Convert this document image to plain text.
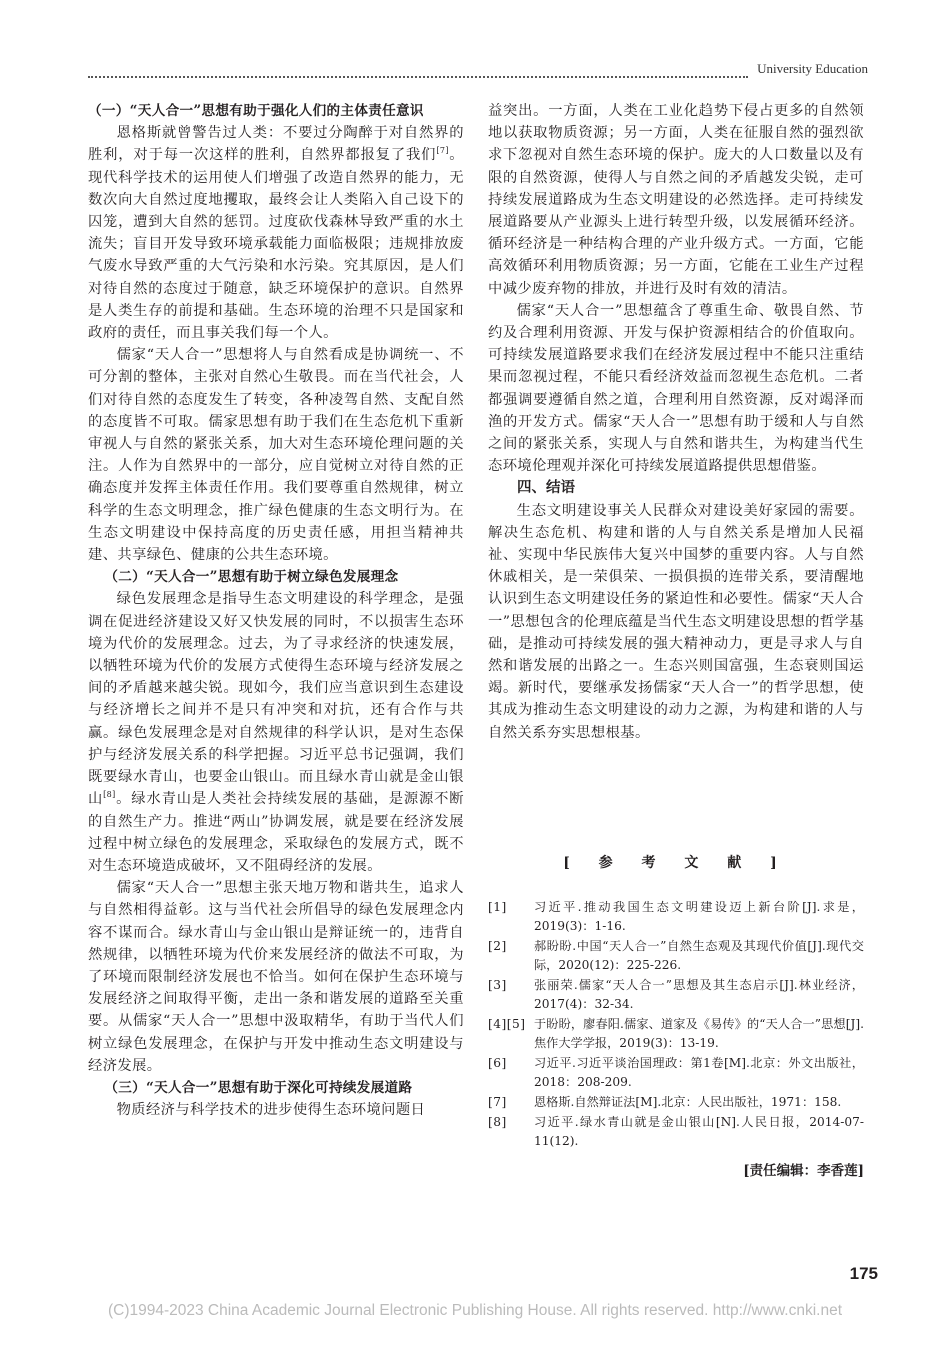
University Education
（一）“天人合一”思想有助于强化人们的主体责任意识

恩格斯就曾警告过人类：不要过分陶醉于对自然界的胜利，对于每一次这样的胜利，自然界都报复了我们[7]。现代科学技术的运用使人们增强了改造自然界的能力，无数次向大自然过度地攫取，最终会让人类陷入自己设下的囚笼，遭到大自然的惩罚。过度砍伐森林导致严重的水土流失；盲目开发导致环境承载能力面临极限；违规排放废气废水导致严重的大气污染和水污染。究其原因，是人们对待自然的态度过于随意，缺乏环境保护的意识。自然界是人类生存的前提和基础。生态环境的治理不只是国家和政府的责任，而且事关我们每一个人。

儒家“天人合一”思想将人与自然看成是协调统一、不可分割的整体，主张对自然心生敬畏。而在当代社会，人们对待自然的态度发生了转变，各种凌驾自然、支配自然的态度皆不可取。儒家思想有助于我们在生态危机下重新审视人与自然的紧张关系，加大对生态环境伦理问题的关注。人作为自然界中的一部分，应自觉树立对待自然的正确态度并发挥主体责任作用。我们要尊重自然规律，树立科学的生态文明理念，推广绿色健康的生态文明行为。在生态文明建设中保持高度的历史责任感，用担当精神共建、共享绿色、健康的公共生态环境。

（二）“天人合一”思想有助于树立绿色发展理念

绿色发展理念是指导生态文明建设的科学理念，是强调在促进经济建设又好又快发展的同时，不以损害生态环境为代价的发展理念。过去，为了寻求经济的快速发展，以牺牲环境为代价的发展方式使得生态环境与经济发展之间的矛盾越来越尖锐。现如今，我们应当意识到生态建设与经济增长之间并不是只有冲突和对抗，还有合作与共赢。绿色发展理念是对自然规律的科学认识，是对生态保护与经济发展关系的科学把握。习近平总书记强调，我们既要绿水青山，也要金山银山。而且绿水青山就是金山银山[8]。绿水青山是人类社会持续发展的基础，是源源不断的自然生产力。推进“两山”协调发展，就是要在经济发展过程中树立绿色的发展理念，采取绿色的发展方式，既不对生态环境造成破坏，又不阻碍经济的发展。

儒家“天人合一”思想主张天地万物和谐共生，追求人与自然相得益彰。这与当代社会所倡导的绿色发展理念内容不谋而合。绿水青山与金山银山是辩证统一的，违背自然规律，以牺牲环境为代价来发展经济的做法不可取，为了环境而限制经济发展也不恰当。如何在保护生态环境与发展经济之间取得平衡，走出一条和谐发展的道路至关重要。从儒家“天人合一”思想中汲取精华，有助于当代人们树立绿色发展理念，在保护与开发中推动生态文明建设与经济发展。

（三）“天人合一”思想有助于深化可持续发展道路

物质经济与科学技术的进步使得生态环境问题日

益突出。一方面，人类在工业化趋势下侵占更多的自然领地以获取物质资源；另一方面，人类在征服自然的强烈欲求下忽视对自然生态环境的保护。庞大的人口数量以及有限的自然资源，使得人与自然之间的矛盾越发尖锐，走可持续发展道路成为生态文明建设的必然选择。走可持续发展道路要从产业源头上进行转型升级，以发展循环经济。循环经济是一种结构合理的产业升级方式。一方面，它能高效循环利用物质资源；另一方面，它能在工业生产过程中减少废弃物的排放，并进行及时有效的清洁。

儒家“天人合一”思想蕴含了尊重生命、敬畏自然、节约及合理利用资源、开发与保护资源相结合的价值取向。可持续发展道路要求我们在经济发展过程中不能只注重结果而忽视过程，不能只看经济效益而忽视生态危机。二者都强调要遵循自然之道，合理利用自然资源，反对竭泽而渔的开发方式。儒家“天人合一”思想有助于缓和人与自然之间的紧张关系，实现人与自然和谐共生，为构建当代生态环境伦理观并深化可持续发展道路提供思想借鉴。

四、结语

生态文明建设事关人民群众对建设美好家园的需要。解决生态危机、构建和谐的人与自然关系是增加人民福祉、实现中华民族伟大复兴中国梦的重要内容。人与自然休戚相关，是一荣俱荣、一损俱损的连带关系，要清醒地认识到生态文明建设任务的紧迫性和必要性。儒家“天人合一”思想包含的伦理底蕴是当代生态文明建设思想的哲学基础，是推动可持续发展的强大精神动力，更是寻求人与自然和谐发展的出路之一。生态兴则国富强，生态衰则国运竭。新时代，要继承发扬儒家“天人合一”的哲学思想，使其成为推动生态文明建设的动力之源，为构建和谐的人与自然关系夯实思想根基。

[ 参 考 文 献 ]
[1]	习近平.推动我国生态文明建设迈上新台阶[J].求是，2019(3)：1-16.
[2]	郝盼盼.中国“天人合一”自然生态观及其现代价值[J].现代交际，2020(12)：225-226.
[3]	张丽荣.儒家“天人合一”思想及其生态启示[J].林业经济，2017(4)：32-34.
[4][5] 于盼盼，廖春阳.儒家、道家及《易传》的“天人合一”思想[J].焦作大学学报，2019(3)：13-19.
[6]	习近平.习近平谈治国理政：第1卷[M].北京：外文出版社，2018：208-209.
[7]	恩格斯.自然辩证法[M].北京：人民出版社，1971：158.
[8]	习近平.绿水青山就是金山银山[N].人民日报，2014-07-11(12).
[责任编辑：李香莲]
175
(C)1994-2023 China Academic Journal Electronic Publishing House. All rights reserved. http://www.cnki.net
